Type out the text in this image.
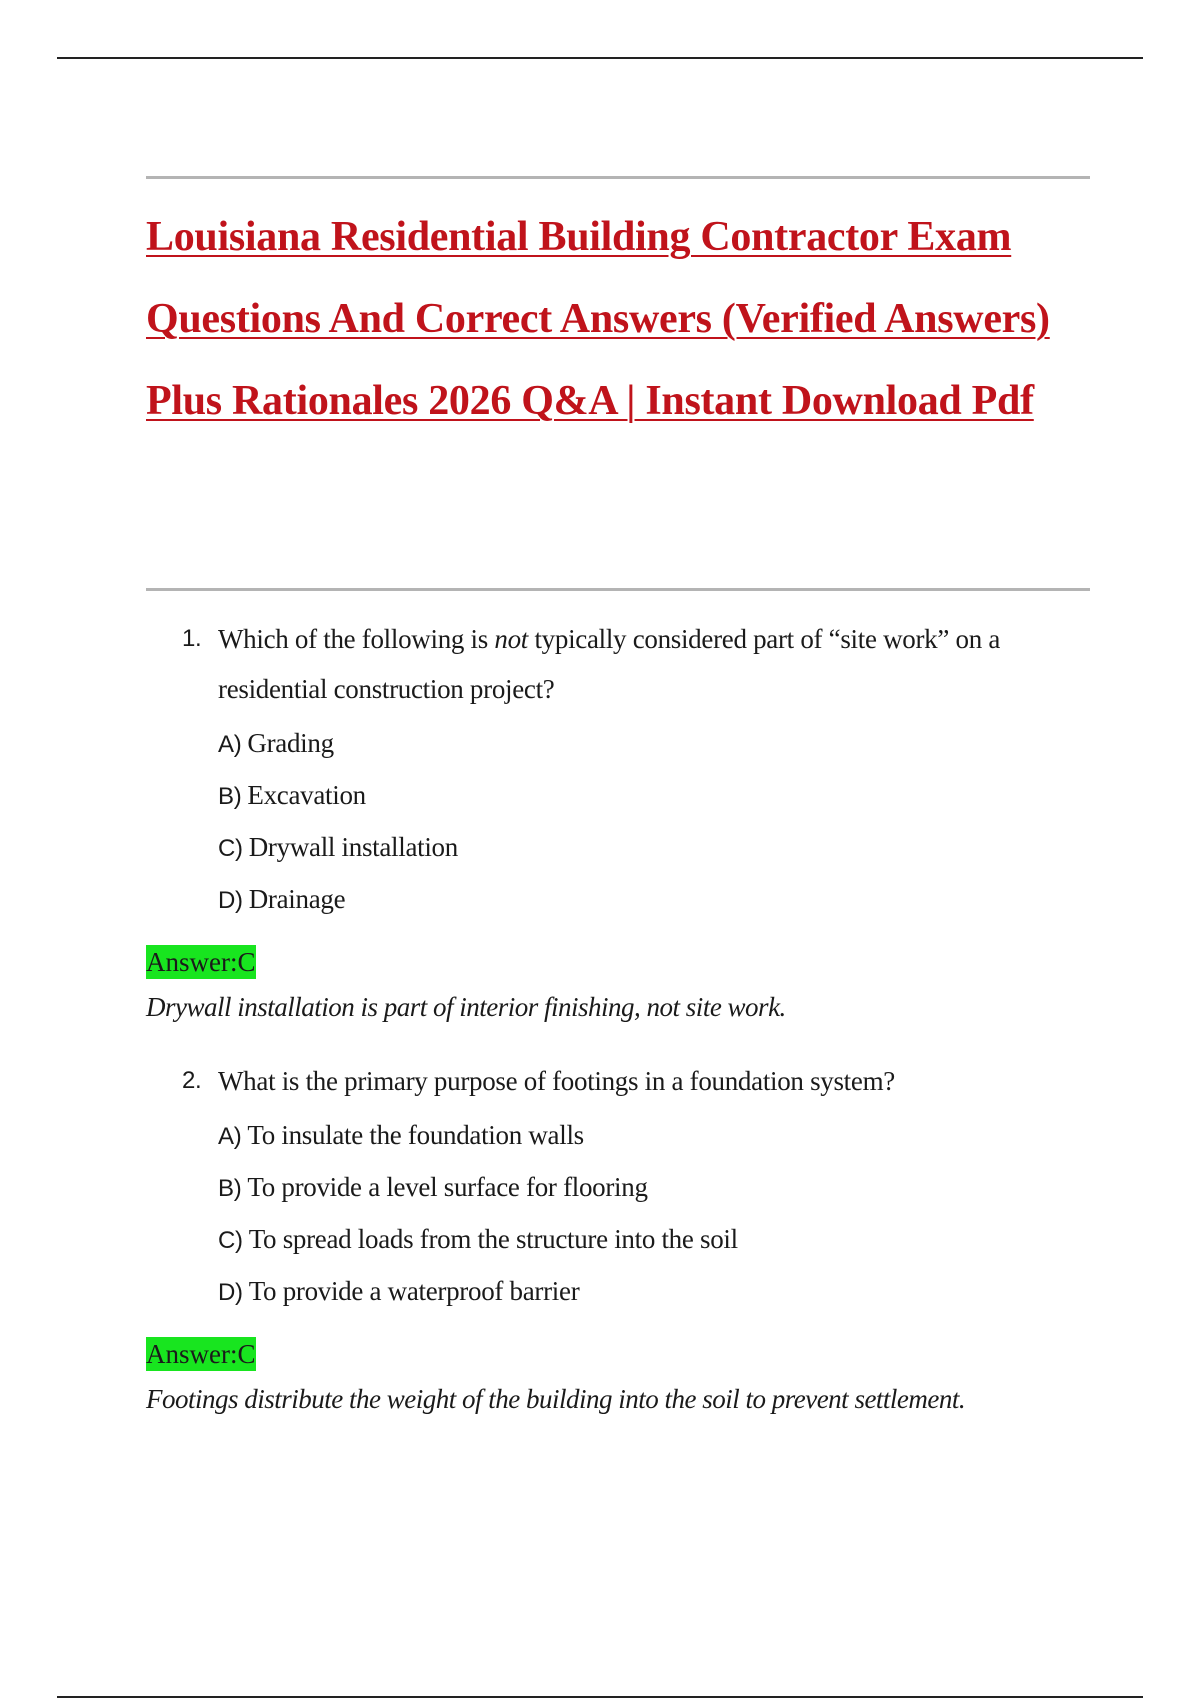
Louisiana Residential Building Contractor Exam Questions And Correct Answers (Verified Answers) Plus Rationales 2026 Q&A | Instant Download Pdf
1. Which of the following is not typically considered part of “site work” on a residential construction project?
A) Grading
B) Excavation
C) Drywall installation
D) Drainage
Answer:C
Drywall installation is part of interior finishing, not site work.
2. What is the primary purpose of footings in a foundation system?
A) To insulate the foundation walls
B) To provide a level surface for flooring
C) To spread loads from the structure into the soil
D) To provide a waterproof barrier
Answer:C
Footings distribute the weight of the building into the soil to prevent settlement.
